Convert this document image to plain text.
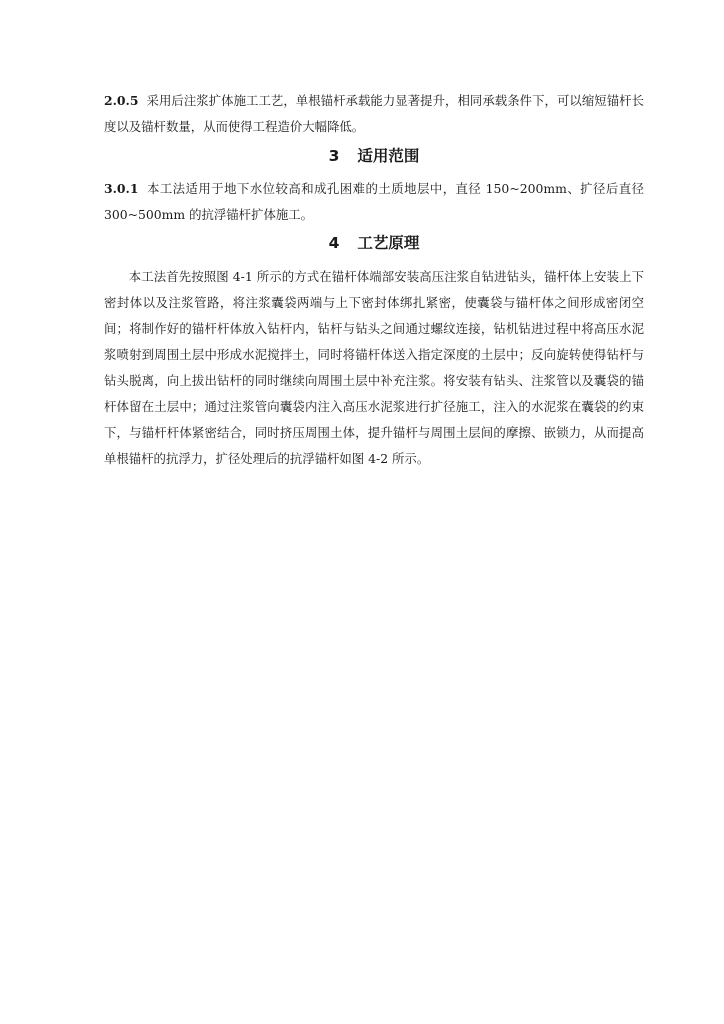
2.0.5 采用后注浆扩体施工工艺，单根锚杆承载能力显著提升，相同承载条件下，可以缩短锚杆长度以及锚杆数量，从而使得工程造价大幅降低。
3 适用范围
3.0.1 本工法适用于地下水位较高和成孔困难的土质地层中，直径 150~200mm、扩径后直径300~500mm 的抗浮锚杆扩体施工。
4 工艺原理
本工法首先按照图 4-1 所示的方式在锚杆体端部安装高压注浆自钻进钻头，锚杆体上安装上下密封体以及注浆管路，将注浆囊袋两端与上下密封体绑扎紧密，使囊袋与锚杆体之间形成密闭空间；将制作好的锚杆杆体放入钻杆内，钻杆与钻头之间通过螺纹连接，钻机钻进过程中将高压水泥浆喷射到周围土层中形成水泥搅拌土，同时将锚杆体送入指定深度的土层中；反向旋转使得钻杆与钻头脱离，向上拔出钻杆的同时继续向周围土层中补充注浆。将安装有钻头、注浆管以及囊袋的锚杆体留在土层中；通过注浆管向囊袋内注入高压水泥浆进行扩径施工，注入的水泥浆在囊袋的约束下，与锚杆杆体紧密结合，同时挤压周围土体，提升锚杆与周围土层间的摩擦、嵌锁力，从而提高单根锚杆的抗浮力，扩径处理后的抗浮锚杆如图 4-2 所示。
